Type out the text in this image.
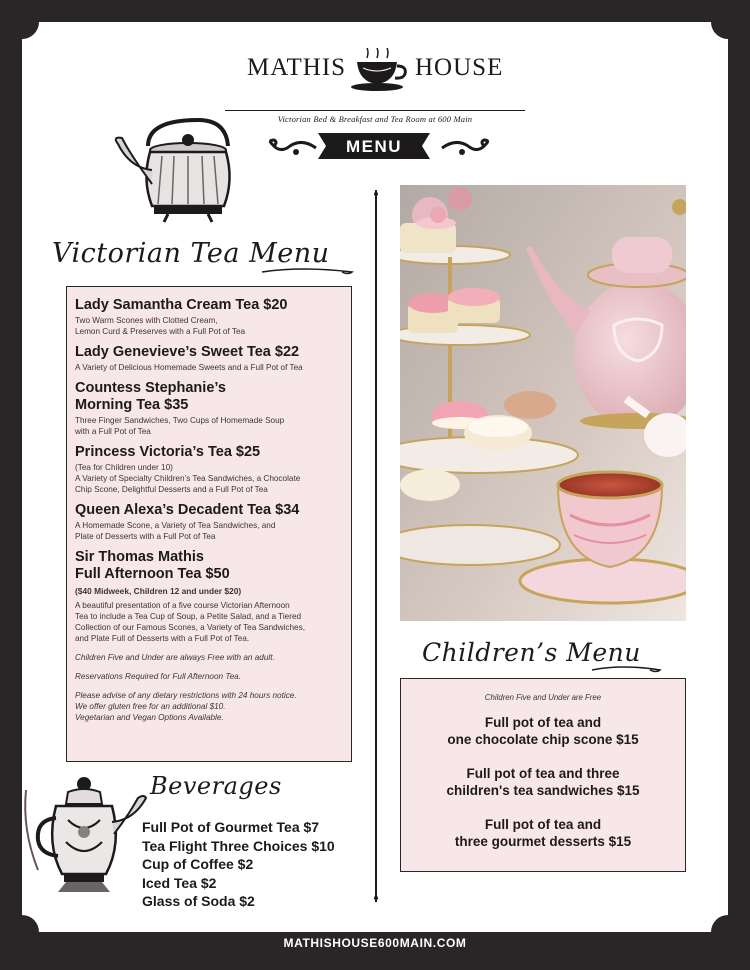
MATHIS	HOUSE
Victorian Bed & Breakfast and Tea Room at 600 Main
MENU
Victorian Tea Menu
Lady Samantha Cream Tea $20
Two Warm Scones with Clotted Cream,
Lemon Curd & Preserves with a Full Pot of Tea
Lady Genevieve’s Sweet Tea $22
A Variety of Delicious Homemade Sweets and a Full Pot of Tea
Countess Stephanie’s
Morning Tea $35
Three Finger Sandwiches, Two Cups of Homemade Soup
with a Full Pot of Tea
Princess Victoria’s Tea $25
(Tea for Children under 10)
A Variety of Specialty Children’s Tea Sandwiches, a Chocolate
Chip Scone, Delightful Desserts and a Full Pot of Tea
Queen Alexa’s Decadent Tea $34
A Homemade Scone, a Variety of Tea Sandwiches, and
Plate of Desserts with a Full Pot of Tea
Sir Thomas Mathis
Full Afternoon Tea $50
($40 Midweek, Children 12 and under $20)
A beautiful presentation of a five course Victorian Afternoon
Tea to include a Tea Cup of Soup, a Petite Salad, and a Tiered
Collection of our Famous Scones, a Variety of Tea Sandwiches,
and Plate Full of Desserts with a Full Pot of Tea.
Children Five and Under are always Free with an adult.
Reservations Required for Full Afternoon Tea.
Please advise of any dietary restrictions with 24 hours notice.
We offer gluten free for an additional $10.
Vegetarian and Vegan Options Available.
Children’s Menu
Children Five and Under are Free
Full pot of tea and
one chocolate chip scone $15
Full pot of tea and three
children's tea sandwiches $15
Full pot of tea and
three gourmet desserts $15
Beverages
Full Pot of Gourmet Tea $7
Tea Flight Three Choices $10
Cup of Coffee $2
Iced Tea $2
Glass of Soda $2
MATHISHOUSE600MAIN.COM
